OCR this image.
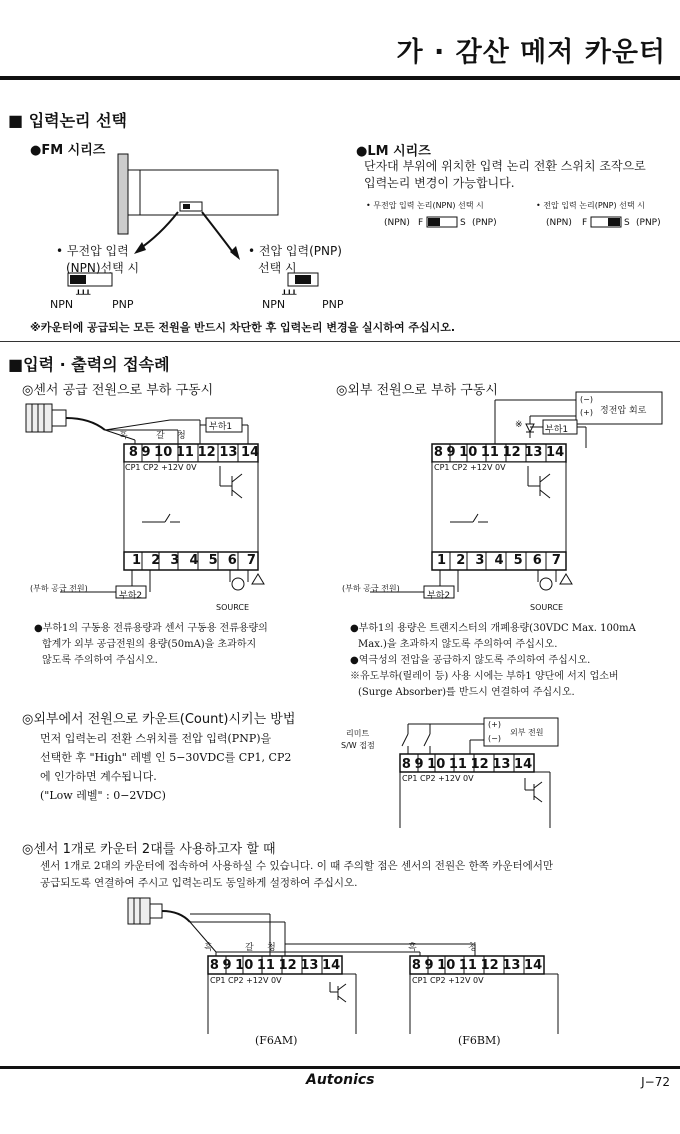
가 · 감산 메저 카운터
■ 입력논리 선택
●FM 시리즈
┸┸┸	┸┸┸
• 무전압 입력
(NPN)선택 시
• 전압 입력(PNP)
선택 시
NPN	PNP	NPN	PNP
●LM 시리즈
단자대 부위에 위치한 입력 논리 전환 스위치 조작으로
입력논리 변경이 가능합니다.
• 무전압 입력 논리(NPN) 선택 시	• 전압 입력 논리(PNP) 선택 시
(NPN) F	S (PNP)	(NPN) F	S (PNP)
※카운터에 공급되는 모든 전원을 반드시 차단한 후 입력논리 변경을 실시하여 주십시오.
■입력 · 출력의 접속례
◎센서 공급 전원으로 부하 구동시	◎외부 전원으로 부하 구동시
흑	갈 청
부하1
8 9 10 11 12 13 14
CP1 CP2 +12V 0V
1 2 3 4 5 6 7
(부하 공급 전원)
부하2
SOURCE
(−)
(+) 정전압 회로
※ 부하1
8 9 10 11 12 13 14
CP1 CP2 +12V 0V
1 2 3 4 5 6 7
(부하 공급 전원)
부하2
SOURCE
●부하1의 구동용 전류용량과 센서 구동용 전류용량의
합계가 외부 공급전원의 용량(50mA)을 초과하지
않도록 주의하여 주십시오.
●부하1의 용량은 트랜지스터의 개폐용량(30VDC Max. 100mA
Max.)을 초과하지 않도록 주의하여 주십시오.
●역극성의 전압을 공급하지 않도록 주의하여 주십시오.
※유도부하(릴레이 등) 사용 시에는 부하1 양단에 서지 업소버
(Surge Absorber)를 반드시 연결하여 주십시오.
◎외부에서 전원으로 카운트(Count)시키는 방법
먼저 입력논리 전환 스위치를 전압 입력(PNP)을
선택한 후 "High" 레벨 인 5−30VDC를 CP1, CP2
에 인가하면 계수됩니다.
("Low 레벨" : 0−2VDC)
리미트
S/W 접점
(+)
(−)
외부 전원
8 9 10 11 12 13 14
CP1 CP2 +12V 0V
◎센서 1개로 카운터 2대를 사용하고자 할 때
센서 1개로 2대의 카운터에 접속하여 사용하실 수 있습니다. 이 때 주의할 점은 센서의 전원은 한쪽 카운터에서만
공급되도록 연결하여 주시고 입력논리도 동일하게 설정하여 주십시오.
흑	갈 청	흑	청
8 9 10 11 12 13 14
CP1 CP2 +12V 0V
8 9 10 11 12 13 14
CP1 CP2 +12V 0V
(F6AM)	(F6BM)
Autonics	J−72
